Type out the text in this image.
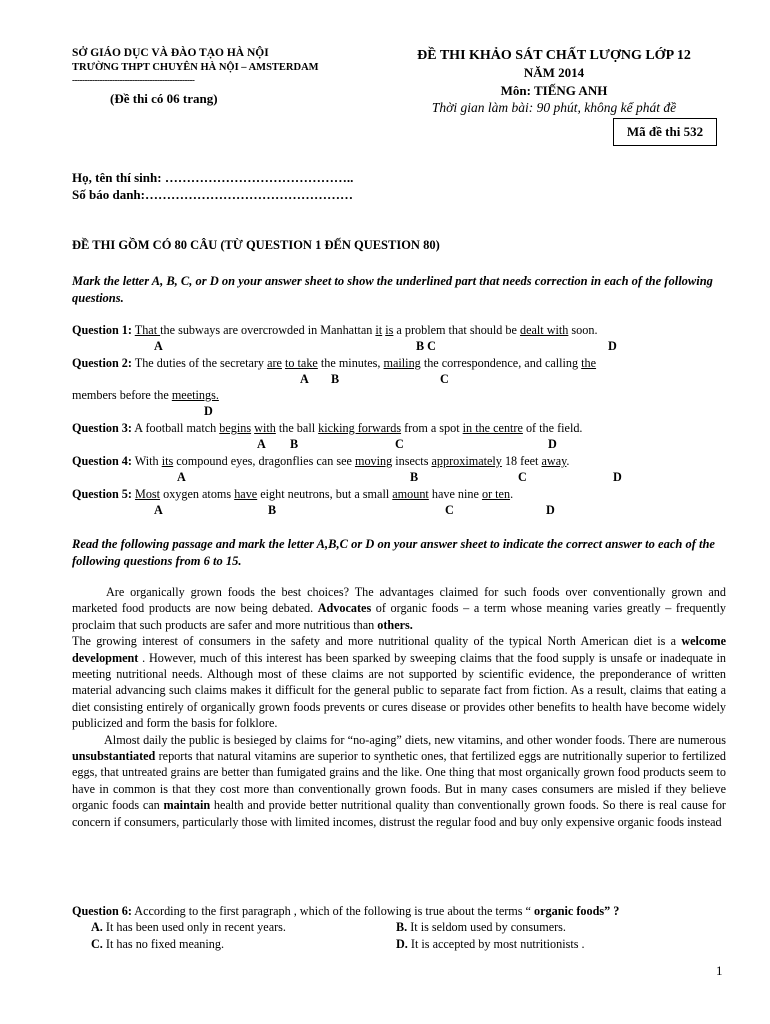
SỞ GIÁO DỤC VÀ ĐÀO TẠO HÀ NỘI
TRƯỜNG THPT CHUYÊN HÀ NỘI – AMSTERDAM
-------------------------------------------------
(Đề thi có 06 trang)
ĐỀ THI KHẢO SÁT CHẤT LƯỢNG LỚP 12
NĂM 2014
Môn: TIẾNG ANH
Thời gian làm bài: 90 phút, không kể phát đề
Mã đề thi 532
Họ, tên thí sinh: ……………………………………..
Số báo danh:…………………………………………
ĐỀ THI GỒM CÓ 80 CÂU (TỪ QUESTION 1 ĐẾN QUESTION 80)
Mark the letter A, B, C, or D on your answer sheet to show the underlined part that needs correction in each of the following questions.
Question 1: That the subways are overcrowded in Manhattan it is a problem that should be dealt with soon.
A	B C	D
Question 2: The duties of the secretary are to take the minutes, mailing the correspondence, and calling the
A B	C
members before the meetings.
D
Question 3: A football match begins with the ball kicking forwards from a spot in the centre of the field.
A B	C	D
Question 4: With its compound eyes, dragonflies can see moving insects approximately 18 feet away.
A	B	C	D
Question 5: Most oxygen atoms have eight neutrons, but a small amount have nine or ten.
A	B	C	D
Read the following passage and mark the letter A,B,C or D on your answer sheet to indicate the correct answer to each of the following questions from 6 to 15.

Are organically grown foods the best choices? The advantages claimed for such foods over conventionally grown and marketed food products are now being debated. Advocates of organic foods – a term whose meaning varies greatly – frequently proclaim that such products are safer and more nutritious than others.

The growing interest of consumers in the safety and more nutritional quality of the typical North American diet is a welcome development . However, much of this interest has been sparked by sweeping claims that the food supply is unsafe or inadequate in meeting nutritional needs. Although most of these claims are not supported by scientific evidence, the preponderance of written material advancing such claims makes it difficult for the general public to separate fact from fiction. As a result, claims that eating a diet consisting entirely of organically grown foods prevents or cures disease or provides other benefits to health have become widely publicized and form the basis for folklore.

Almost daily the public is besieged by claims for “no-aging” diets, new vitamins, and other wonder foods. There are numerous unsubstantiated reports that natural vitamins are superior to synthetic ones, that fertilized eggs are nutritionally superior to fertilized eggs, that untreated grains are better than fumigated grains and the like. One thing that most organically grown food products seem to have in common is that they cost more than conventionally grown foods. But in many cases consumers are misled if they believe organic foods can maintain health and provide better nutritional quality than conventionally grown foods. So there is real cause for concern if consumers, particularly those with limited incomes, distrust the regular food and buy only expensive organic foods instead

Question 6: According to the first paragraph , which of the following is true about the terms “ organic foods” ?
A. It has been used only in recent years.	B. It is seldom used by consumers.
C. It has no fixed meaning.	D. It is accepted by most nutritionists .
1
